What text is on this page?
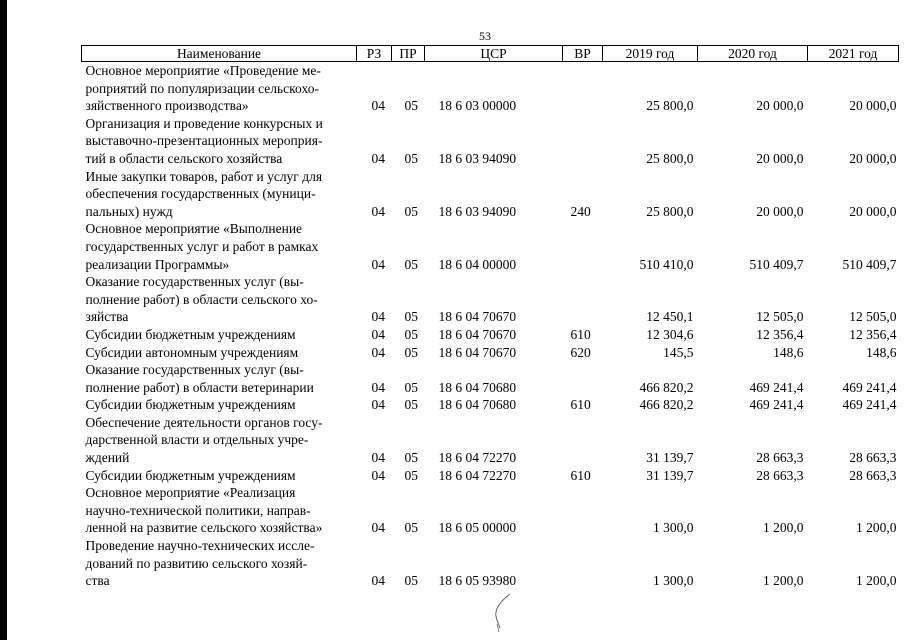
53
Наименование	РЗ	ПР	ЦСР	ВР	2019 год	2020 год	2021 год
Основное мероприятие «Проведение ме-
роприятий по популяризации сельскохо-
зяйственного производства»	04	05	18 6 03 00000		25 800,0	20 000,0	20 000,0
Организация и проведение конкурсных и
выставочно-презентационных мероприя-
тий в области сельского хозяйства	04	05	18 6 03 94090		25 800,0	20 000,0	20 000,0
Иные закупки товаров, работ и услуг для
обеспечения государственных (муници-
пальных) нужд	04	05	18 6 03 94090	240	25 800,0	20 000,0	20 000,0
Основное мероприятие «Выполнение
государственных услуг и работ в рамках
реализации Программы»	04	05	18 6 04 00000		510 410,0	510 409,7	510 409,7
Оказание государственных услуг (вы-
полнение работ) в области сельского хо-
зяйства	04	05	18 6 04 70670		12 450,1	12 505,0	12 505,0
Субсидии бюджетным учреждениям	04	05	18 6 04 70670	610	12 304,6	12 356,4	12 356,4
Субсидии автономным учреждениям	04	05	18 6 04 70670	620	145,5	148,6	148,6
Оказание государственных услуг (вы-
полнение работ) в области ветеринарии	04	05	18 6 04 70680		466 820,2	469 241,4	469 241,4
Субсидии бюджетным учреждениям	04	05	18 6 04 70680	610	466 820,2	469 241,4	469 241,4
Обеспечение деятельности органов госу-
дарственной власти и отдельных учре-
ждений	04	05	18 6 04 72270		31 139,7	28 663,3	28 663,3
Субсидии бюджетным учреждениям	04	05	18 6 04 72270	610	31 139,7	28 663,3	28 663,3
Основное мероприятие «Реализация
научно-технической политики, направ-
ленной на развитие сельского хозяйства»	04	05	18 6 05 00000		1 300,0	1 200,0	1 200,0
Проведение научно-технических иссле-
дований по развитию сельского хозяй-
ства	04	05	18 6 05 93980		1 300,0	1 200,0	1 200,0
